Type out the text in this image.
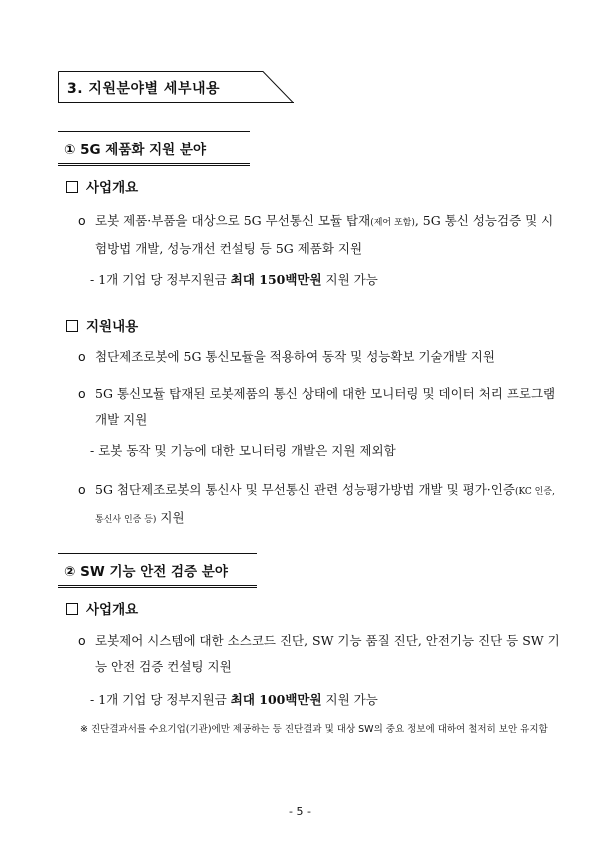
3. 지원분야별 세부내용
① 5G 제품화 지원 분야
사업개요
ο 로봇 제품·부품을 대상으로 5G 무선통신 모듈 탑재(제어 포함), 5G 통신 성능검증 및 시험방법 개발, 성능개선 컨설팅 등 5G 제품화 지원
- 1개 기업 당 정부지원금 최대 150백만원 지원 가능
지원내용
ο 첨단제조로봇에 5G 통신모듈을 적용하여 동작 및 성능확보 기술개발 지원
ο 5G 통신모듈 탑재된 로봇제품의 통신 상태에 대한 모니터링 및 데이터 처리 프로그램 개발 지원
- 로봇 동작 및 기능에 대한 모니터링 개발은 지원 제외함
ο 5G 첨단제조로봇의 통신사 및 무선통신 관련 성능평가방법 개발 및 평가·인증(KC 인증, 통신사 인증 등) 지원
② SW 기능 안전 검증 분야
사업개요
ο 로봇제어 시스템에 대한 소스코드 진단, SW 기능 품질 진단, 안전기능 진단 등 SW 기능 안전 검증 컨설팅 지원
- 1개 기업 당 정부지원금 최대 100백만원 지원 가능
※ 진단결과서를 수요기업(기관)에만 제공하는 등 진단결과 및 대상 SW의 중요 정보에 대하여 철저히 보안 유지함
- 5 -
